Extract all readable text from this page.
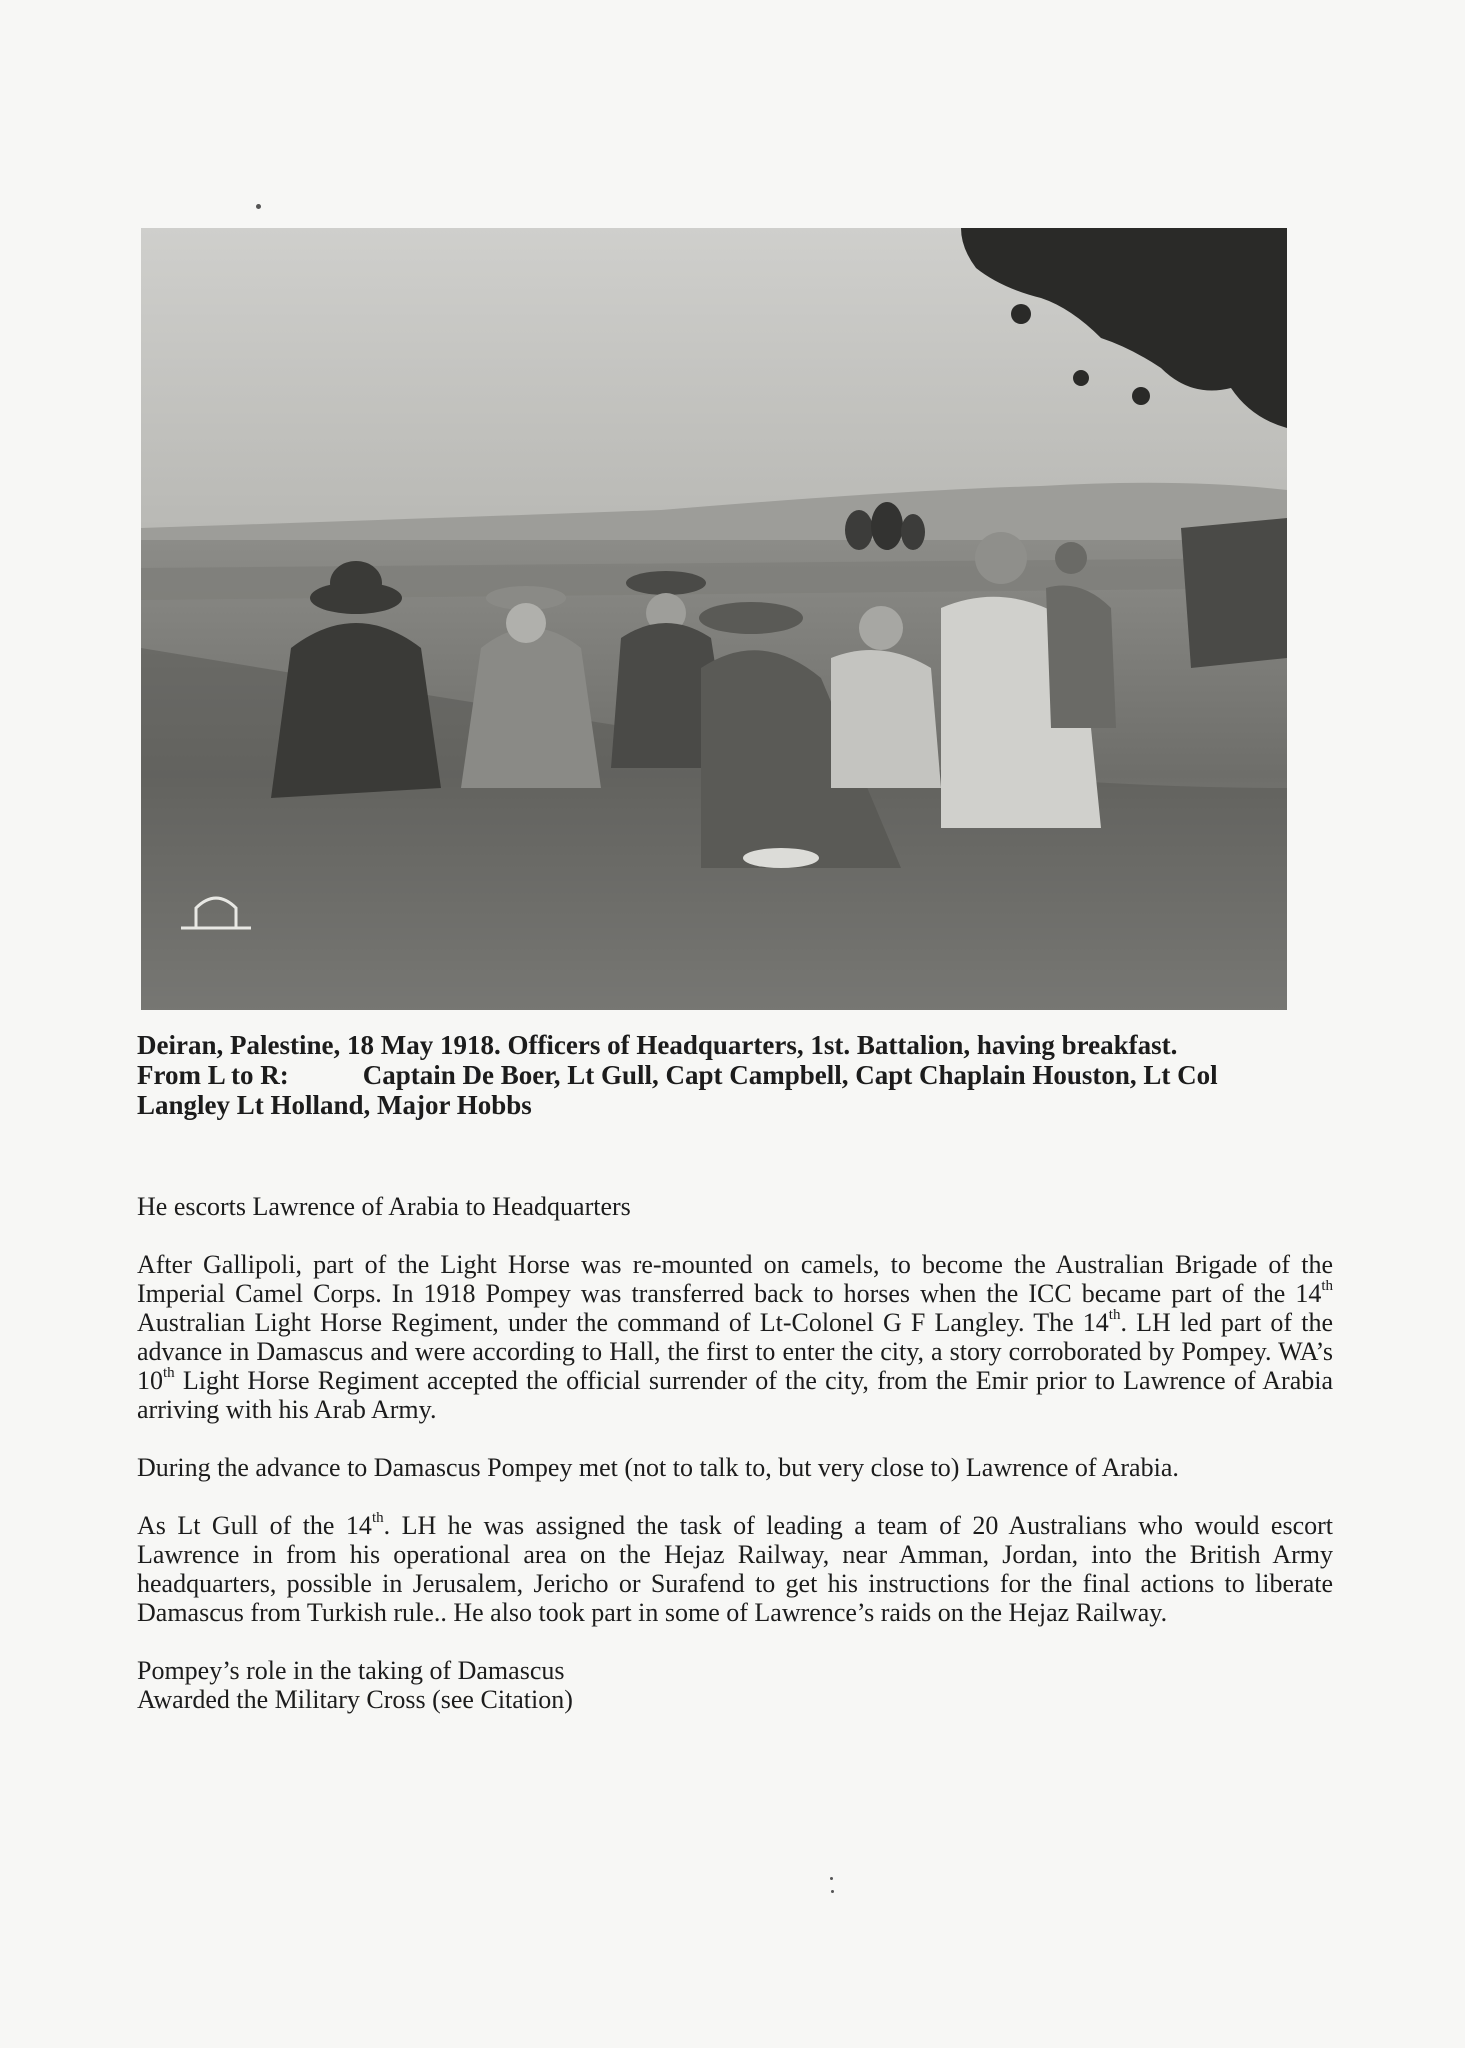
Deiran, Palestine, 18 May 1918. Officers of Headquarters, 1st. Battalion, having breakfast.

From L to R:	Captain De Boer, Lt Gull, Capt Campbell, Capt Chaplain Houston, Lt Col

Langley Lt Holland, Major Hobbs

He escorts Lawrence of Arabia to Headquarters

After Gallipoli, part of the Light Horse was re-mounted on camels, to become the Australian Brigade of the Imperial Camel Corps. In 1918 Pompey was transferred back to horses when the ICC became part of the 14th Australian Light Horse Regiment, under the command of Lt-Colonel G F Langley. The 14th. LH led part of the advance in Damascus and were according to Hall, the first to enter the city, a story corroborated by Pompey. WA’s 10th Light Horse Regiment accepted the official surrender of the city, from the Emir prior to Lawrence of Arabia arriving with his Arab Army.

During the advance to Damascus Pompey met (not to talk to, but very close to) Lawrence of Arabia.

As Lt Gull of the 14th. LH he was assigned the task of leading a team of 20 Australians who would escort Lawrence in from his operational area on the Hejaz Railway, near Amman, Jordan, into the British Army headquarters, possible in Jerusalem, Jericho or Surafend to get his instructions for the final actions to liberate Damascus from Turkish rule.. He also took part in some of Lawrence’s raids on the Hejaz Railway.

Pompey’s role in the taking of Damascus

Awarded the Military Cross (see Citation)
